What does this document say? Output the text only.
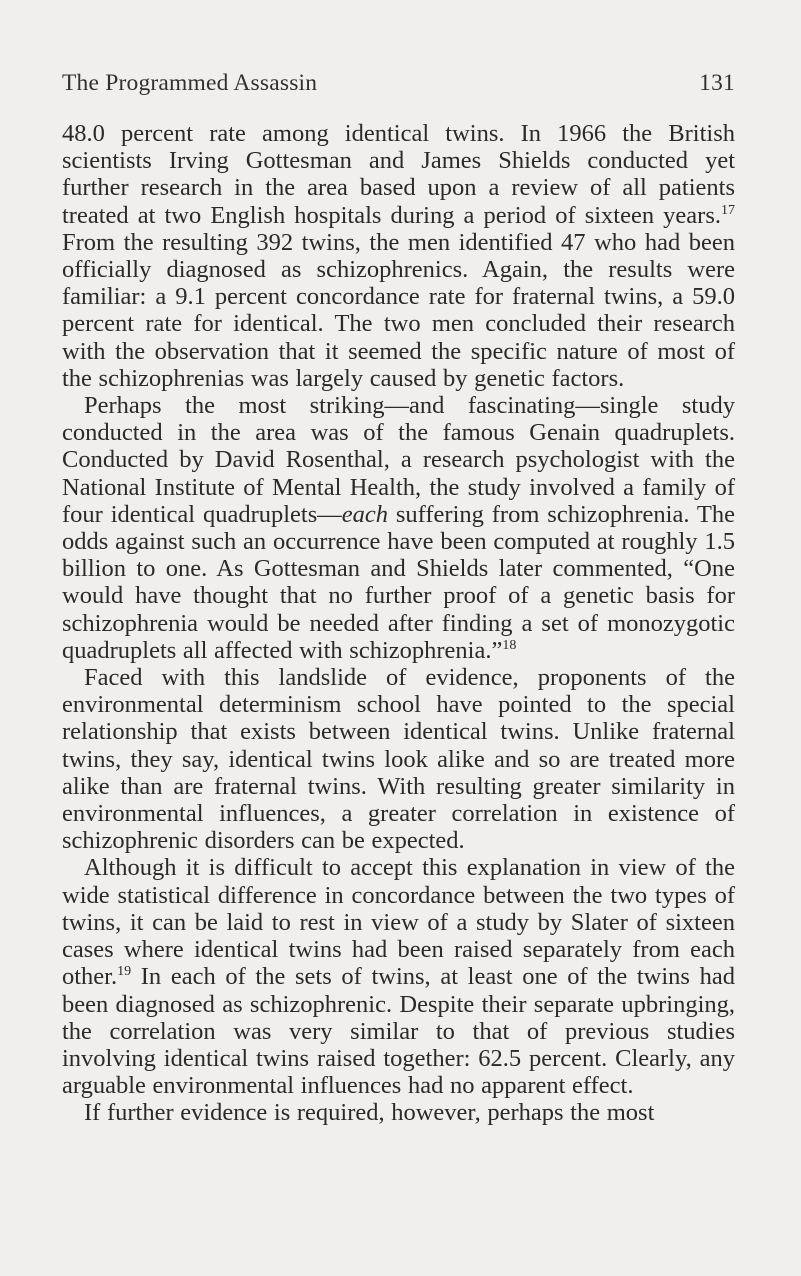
The Programmed Assassin	131

48.0 percent rate among identical twins. In 1966 the British scientists Irving Gottesman and James Shields conducted yet further research in the area based upon a review of all patients treated at two English hospitals during a period of sixteen years.$^{17}$ From the resulting 392 twins, the men identified 47 who had been officially diagnosed as schizophrenics. Again, the results were familiar: a 9.1 percent concordance rate for fraternal twins, a 59.0 percent rate for identical. The two men concluded their research with the observation that it seemed the specific nature of most of the schizophrenias was largely caused by genetic factors.

Perhaps the most striking—and fascinating—single study conducted in the area was of the famous Genain quadruplets. Conducted by David Rosenthal, a research psychologist with the National Institute of Mental Health, the study involved a family of four identical quadruplets—each suffering from schizophrenia. The odds against such an occurrence have been computed at roughly 1.5 billion to one. As Gottesman and Shields later commented, “One would have thought that no further proof of a genetic basis for schizophrenia would be needed after finding a set of monozygotic quadruplets all affected with schizophrenia.”$^{18}$

Faced with this landslide of evidence, proponents of the environmental determinism school have pointed to the special relationship that exists between identical twins. Unlike fraternal twins, they say, identical twins look alike and so are treated more alike than are fraternal twins. With resulting greater similarity in environmental influences, a greater correlation in existence of schizophrenic disorders can be expected.

Although it is difficult to accept this explanation in view of the wide statistical difference in concordance between the two types of twins, it can be laid to rest in view of a study by Slater of sixteen cases where identical twins had been raised separately from each other.$^{19}$ In each of the sets of twins, at least one of the twins had been diagnosed as schizophrenic. Despite their separate upbringing, the correlation was very similar to that of previous studies involving identical twins raised together: 62.5 percent. Clearly, any arguable environmental influences had no apparent effect.

If further evidence is required, however, perhaps the most
